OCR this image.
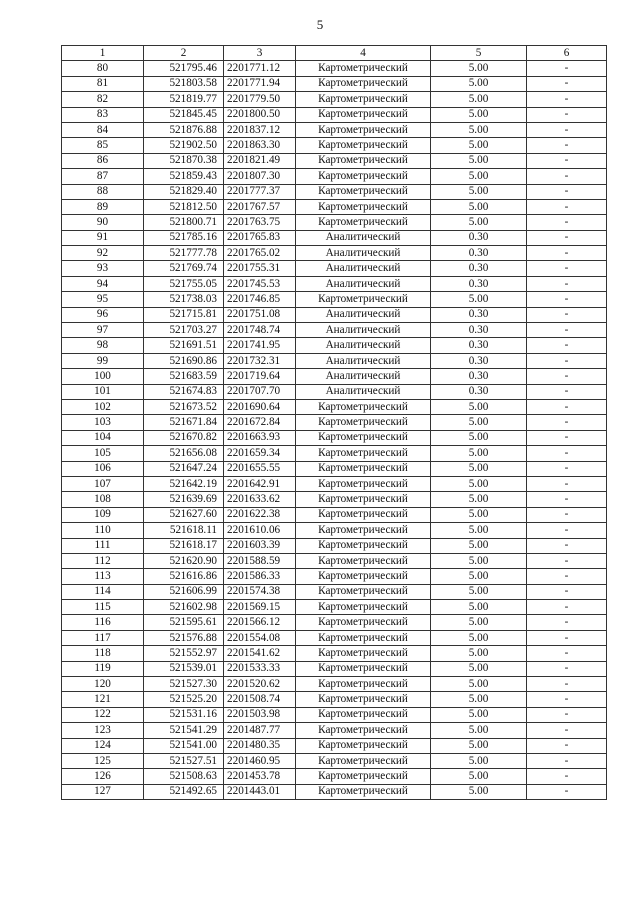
5
1	2	3	4	5	6
80	521795.46	2201771.12	Картометрический	5.00	-
81	521803.58	2201771.94	Картометрический	5.00	-
82	521819.77	2201779.50	Картометрический	5.00	-
83	521845.45	2201800.50	Картометрический	5.00	-
84	521876.88	2201837.12	Картометрический	5.00	-
85	521902.50	2201863.30	Картометрический	5.00	-
86	521870.38	2201821.49	Картометрический	5.00	-
87	521859.43	2201807.30	Картометрический	5.00	-
88	521829.40	2201777.37	Картометрический	5.00	-
89	521812.50	2201767.57	Картометрический	5.00	-
90	521800.71	2201763.75	Картометрический	5.00	-
91	521785.16	2201765.83	Аналитический	0.30	-
92	521777.78	2201765.02	Аналитический	0.30	-
93	521769.74	2201755.31	Аналитический	0.30	-
94	521755.05	2201745.53	Аналитический	0.30	-
95	521738.03	2201746.85	Картометрический	5.00	-
96	521715.81	2201751.08	Аналитический	0.30	-
97	521703.27	2201748.74	Аналитический	0.30	-
98	521691.51	2201741.95	Аналитический	0.30	-
99	521690.86	2201732.31	Аналитический	0.30	-
100	521683.59	2201719.64	Аналитический	0.30	-
101	521674.83	2201707.70	Аналитический	0.30	-
102	521673.52	2201690.64	Картометрический	5.00	-
103	521671.84	2201672.84	Картометрический	5.00	-
104	521670.82	2201663.93	Картометрический	5.00	-
105	521656.08	2201659.34	Картометрический	5.00	-
106	521647.24	2201655.55	Картометрический	5.00	-
107	521642.19	2201642.91	Картометрический	5.00	-
108	521639.69	2201633.62	Картометрический	5.00	-
109	521627.60	2201622.38	Картометрический	5.00	-
110	521618.11	2201610.06	Картометрический	5.00	-
111	521618.17	2201603.39	Картометрический	5.00	-
112	521620.90	2201588.59	Картометрический	5.00	-
113	521616.86	2201586.33	Картометрический	5.00	-
114	521606.99	2201574.38	Картометрический	5.00	-
115	521602.98	2201569.15	Картометрический	5.00	-
116	521595.61	2201566.12	Картометрический	5.00	-
117	521576.88	2201554.08	Картометрический	5.00	-
118	521552.97	2201541.62	Картометрический	5.00	-
119	521539.01	2201533.33	Картометрический	5.00	-
120	521527.30	2201520.62	Картометрический	5.00	-
121	521525.20	2201508.74	Картометрический	5.00	-
122	521531.16	2201503.98	Картометрический	5.00	-
123	521541.29	2201487.77	Картометрический	5.00	-
124	521541.00	2201480.35	Картометрический	5.00	-
125	521527.51	2201460.95	Картометрический	5.00	-
126	521508.63	2201453.78	Картометрический	5.00	-
127	521492.65	2201443.01	Картометрический	5.00	-
